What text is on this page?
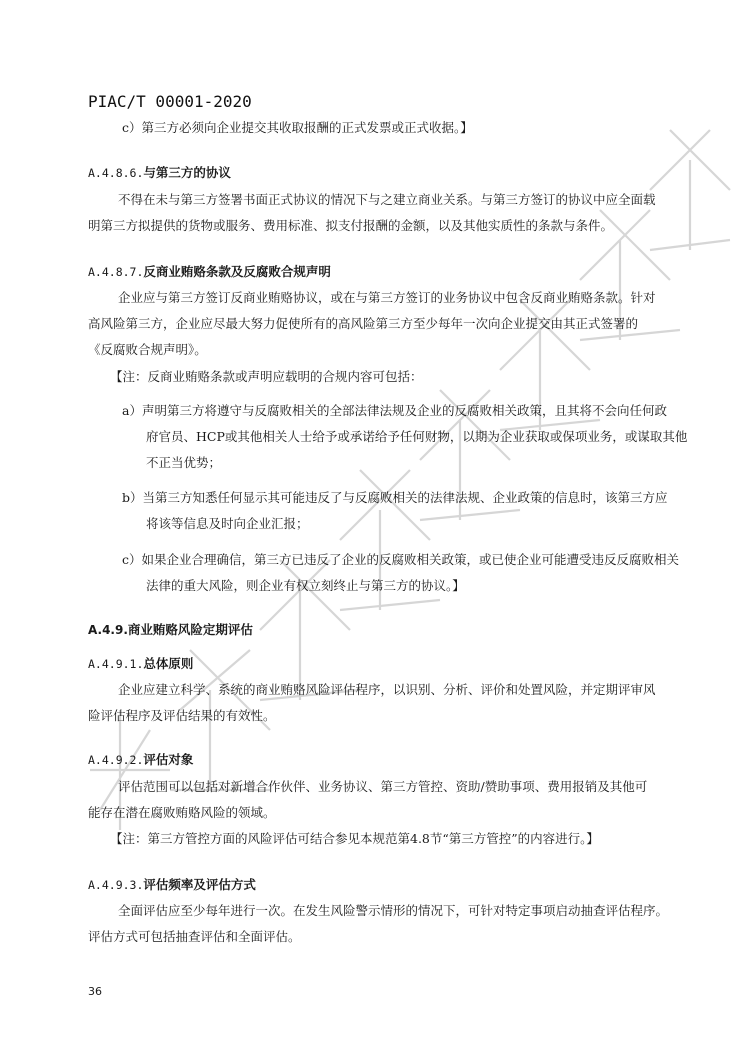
PIAC/T 00001-2020
c）第三方必须向企业提交其收取报酬的正式发票或正式收据。】
A.4.8.6.与第三方的协议
不得在未与第三方签署书面正式协议的情况下与之建立商业关系。与第三方签订的协议中应全面载
明第三方拟提供的货物或服务、费用标准、拟支付报酬的金额，以及其他实质性的条款与条件。
A.4.8.7.反商业贿赂条款及反腐败合规声明
企业应与第三方签订反商业贿赂协议，或在与第三方签订的业务协议中包含反商业贿赂条款。针对
高风险第三方，企业应尽最大努力促使所有的高风险第三方至少每年一次向企业提交由其正式签署的
《反腐败合规声明》。
【注：反商业贿赂条款或声明应载明的合规内容可包括：
a）声明第三方将遵守与反腐败相关的全部法律法规及企业的反腐败相关政策，且其将不会向任何政
府官员、HCP或其他相关人士给予或承诺给予任何财物，以期为企业获取或保项业务，或谋取其他
不正当优势；
b）当第三方知悉任何显示其可能违反了与反腐败相关的法律法规、企业政策的信息时，该第三方应
将该等信息及时向企业汇报；
c）如果企业合理确信，第三方已违反了企业的反腐败相关政策，或已使企业可能遭受违反反腐败相关
法律的重大风险，则企业有权立刻终止与第三方的协议。】
A.4.9.商业贿赂风险定期评估
A.4.9.1.总体原则
企业应建立科学、系统的商业贿赂风险评估程序，以识别、分析、评价和处置风险，并定期评审风
险评估程序及评估结果的有效性。
A.4.9.2.评估对象
评估范围可以包括对新增合作伙伴、业务协议、第三方管控、资助/赞助事项、费用报销及其他可
能存在潜在腐败贿赂风险的领域。
【注：第三方管控方面的风险评估可结合参见本规范第4.8节“第三方管控”的内容进行。】
A.4.9.3.评估频率及评估方式
全面评估应至少每年进行一次。在发生风险警示情形的情况下，可针对特定事项启动抽查评估程序。
评估方式可包括抽查评估和全面评估。
36
